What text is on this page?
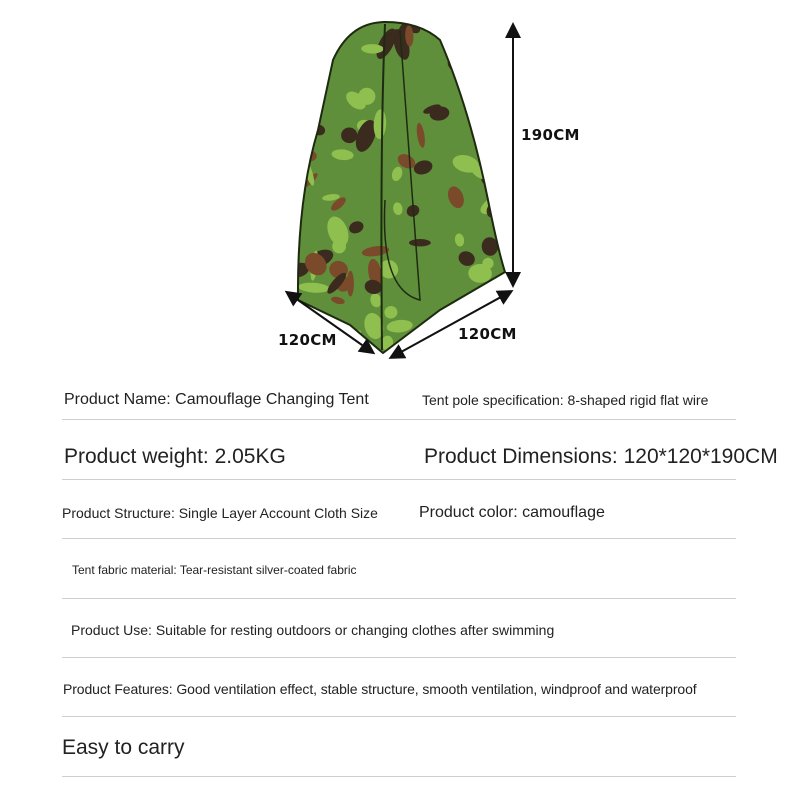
190CM
120CM	120CM
Product Name: Camouflage Changing Tent	Tent pole specification: 8-shaped rigid flat wire
Product weight: 2.05KG	Product Dimensions: 120*120*190CM
Product Structure: Single Layer Account Cloth Size	Product color: camouflage
Tent fabric material: Tear-resistant silver-coated fabric
Product Use: Suitable for resting outdoors or changing clothes after swimming
Product Features: Good ventilation effect, stable structure, smooth ventilation, windproof and waterproof
Easy to carry
